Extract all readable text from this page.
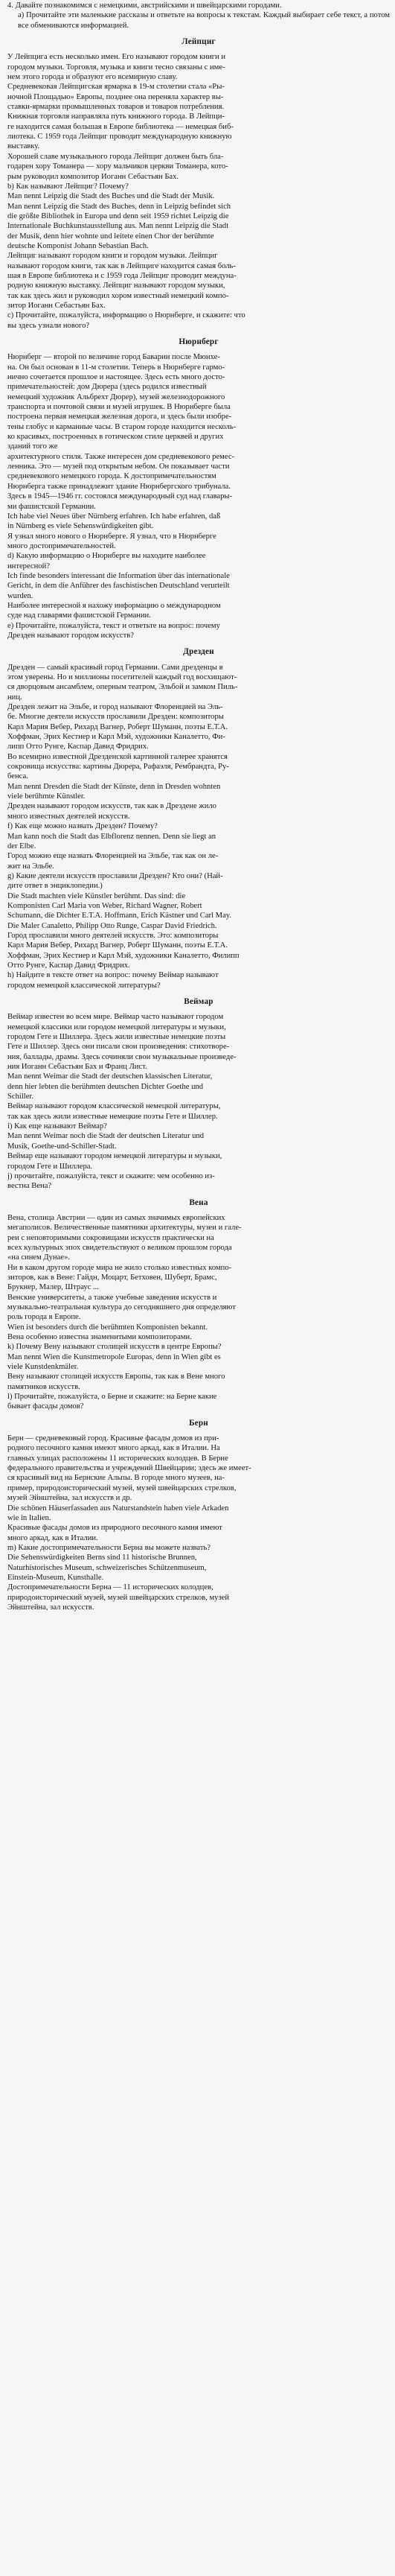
4. Давайте познакомимся с немецкими, австрийскими и швейцарскими городами.
а) Прочитайте эти маленькие рассказы и ответьте на вопросы к текстам. Каждый выбирает себе текст, а потом все обмениваются информацией.
Лейпциг
У Лейпцига есть несколько имен. Его называют городом книги и
городом музыки. Торговля, музыка и книги тесно связаны с име-
нем этого города и образуют его всемирную славу.
Средневековая Лейпцигская ярмарка в 19-м столетии стала «Ры-
ночной Площадью» Европы, позднее она переняла характер вы-
ставки-ярмарки промышленных товаров и товаров потребления.
Книжная торговля направляла путь книжного города. В Лейпци-
ге находится самая большая в Европе библиотека — немецкая биб-
лиотека. С 1959 года Лейпциг проводит международную книжную
выставку.
Хорошей славе музыкального города Лейпциг должен быть бла-
годарен хору Томанера — хору мальчиков церкви Томанера, кото-
рым руководил композитор Иоганн Себастьян Бах.
b) Как называют Лейпциг? Почему?
Man nennt Leipzig die Stadt des Buches und die Stadt der Musik.
Man nennt Leipzig die Stadt des Buches, denn in Leipzig befindet sich
die größte Bibliothek in Europa und denn seit 1959 richtet Leipzig die
Internationale Buchkunstausstellung aus. Man nennt Leipzig die Stadt
der Musik, denn hier wohnte und leitete einen Chor der berühmte
deutsche Komponist Johann Sebastian Bach.
Лейпциг называют городом книги и городом музыки. Лейпциг
называют городом книги, так как в Лейпциге находится самая боль-
шая в Европе библиотека и с 1959 года Лейпциг проводит междуна-
родную книжную выставку. Лейпциг называют городом музыки,
так как здесь жил и руководил хором известный немецкий компо-
зитор Иоганн Себастьян Бах.
с) Прочитайте, пожалуйста, информацию о Нюрнберге, и скажите: что
вы здесь узнали нового?
Нюрнберг
Нюрнберг — второй по величине город Баварии после Мюнхе-
на. Он был основан в 11-м столетии. Теперь в Нюрнберге гармо-
нично сочетается прошлое и настоящее. Здесь есть много досто-
примечательностей: дом Дюрера (здесь родился известный
немецкий художник Альбрехт Дюрер), музей железнодорожного
транспорта и почтовой связи и музей игрушек. В Нюрнберге была
построена первая немецкая железная дорога, и здесь были изобре-
тены глобус и карманные часы. В старом городе находится несколь-
ко красивых, построенных в готическом стиле церквей и других
зданий того же
архитектурного стиля. Также интересен дом средневекового ремес-
ленника. Это — музей под открытым небом. Он показывает части
средневекового немецкого города. К достопримечательностям
Нюрнберга также принадлежит здание Нюрнбергского трибунала.
Здесь в 1945—1946 гг. состоялся международный суд над главары-
ми фашистской Германии.
Ich habe viel Neues über Nürnberg erfahren. Ich habe erfahren, daß
in Nürnberg es viele Sehenswürdigkeiten gibt.
Я узнал много нового о Нюрнберге. Я узнал, что в Нюрнберге
много достопримечательностей.
d) Какую информацию о Нюрнберге вы находите наиболее
интересной?
Ich finde besonders interessant die Information über das internationale
Gericht, in dem die Anführer des faschistischen Deutschland verurteilt
wurden.
Наиболее интересной я нахожу информацию о международном
суде над главарями фашистской Германии.
е) Прочитайте, пожалуйста, текст и ответьте на вопрос: почему
Дрезден называют городом искусств?
Дрезден
Дрезден — самый красивый город Германии. Сами дрезденцы в
этом уверены. Но и миллионы посетителей каждый год восхищают-
ся дворцовым ансамблем, оперным театром, Эльбой и замком Пиль-
ниц.
Дрезден лежит на Эльбе, и город называют Флоренцией на Эль-
бе. Многие деятели искусств прославили Дрезден: композиторы
Карл Мария Вебер, Рихард Вагнер, Роберт Шуманн, поэты Е.Т.А.
Хоффман, Эрих Кестнер и Карл Мэй, художники Каналетто, Фи-
липп Отто Рунге, Каспар Давид Фридрих.
Во всемирно известной Дрезденской картинной галерее хранятся
сокровища искусства: картины Дюрера, Рафаэля, Рембрандта, Ру-
бенса.
Man nennt Dresden die Stadt der Künste, denn in Dresden wohnten
viele berühmte Künstler.
Дрезден называют городом искусств, так как в Дрездене жило
много известных деятелей искусств.
f) Как еще можно назвать Дрезден? Почему?
Man kann noch die Stadt das Elbflorenz nennen. Denn sie liegt an
der Elbe.
Город можно еще назвать Флоренцией на Эльбе, так как он ле-
жит на Эльбе.
g) Какие деятели искусств прославили Дрезден? Кто они? (Най-
дите ответ в энциклопедии.)
Die Stadt machten viele Künstler berühmt. Das sind: die
Komponisten Carl Maria von Weber, Richard Wagner, Robert
Schumann, die Dichter E.T.A. Hoffmann, Erich Kästner und Carl May.
Die Maler Canaletto, Philipp Otto Runge, Caspar David Friedrich.
Город прославили много деятелей искусств. Это: композиторы
Карл Мария Вебер, Рихард Вагнер, Роберт Шуманн, поэты Е.Т.А.
Хоффман, Эрих Кестнер и Карл Мэй, художники Каналетто, Филипп
Отто Рунге, Каспар Давид Фридрих.
h) Найдите в тексте ответ на вопрос: почему Веймар называют
городом немецкой классической литературы?
Веймар
Веймар известен во всем мире. Веймар часто называют городом
немецкой классики или городом немецкой литературы и музыки,
городом Гете и Шиллера. Здесь жили известные немецкие поэты
Гете и Шиллер. Здесь они писали свои произведения: стихотворе-
ния, баллады, драмы. Здесь сочиняли свои музыкальные произведе-
ния Иоганн Себастьян Бах и Франц Лист.
Man nennt Weimar die Stadt der deutschen klassischen Literatur,
denn hier lebten die berühmten deutschen Dichter Goethe und
Schiller.
Веймар называют городом классической немецкой литературы,
так как здесь жили известные немецкие поэты Гете и Шиллер.
i) Как еще называют Веймар?
Man nennt Weimar noch die Stadt der deutschen Literatur und
Musik, Goethe-und-Schiller-Stadt.
Веймар еще называют городом немецкой литературы и музыки,
городом Гете и Шиллера.
j) прочитайте, пожалуйста, текст и скажите: чем особенно из-
вестна Вена?
Вена
Вена, столица Австрии — один из самых значимых европейских
мегаполисов. Величественные памятники архитектуры, музеи и гале-
реи с неповторимыми сокровищами искусств практически на
всех культурных эпох свидетельствуют о великом прошлом города
«на синем Дунае».
Ни в каком другом городе мира не жило столько известных компо-
зиторов, как в Вене: Гайдн, Моцарт, Бетховен, Шуберт, Брамс,
Брукнер, Малер, Штраус ...
Венские университеты, а также учебные заведения искусств и
музыкально-театральная культура до сегодняшнего дня определяют
роль города в Европе.
Wien ist besonders durch die berühmten Komponisten bekannt.
Вена особенно известна знаменитыми композиторами.
k) Почему Вену называют столицей искусств в центре Европы?
Man nennt Wien die Kunstmetropole Europas, denn in Wien gibt es
viele Kunstdenkmäler.
Вену называют столицей искусств Европы, так как в Вене много
памятников искусств.
l) Прочитайте, пожалуйста, о Берне и скажите: на Берне какие
бывает фасады домов?
Берн
Берн — средневековый город. Красивые фасады домов из при-
родного песочного камня имеют много аркад, как в Италии. На
главных улицах расположены 11 исторических колодцев. В Берне
федерального правительства и учреждений Швейцарии; здесь же имеет-
ся красивый вид на Бернские Альпы. В городе много музеев, на-
пример, природоисторический музей, музей швейцарских стрелков,
музей Эйнштейна, зал искусств и др.
Die schönen Häuserfassaden aus Naturstandstein haben viele Arkaden
wie in Italien.
Красивые фасады домов из природного песочного камня имеют
много аркад, как в Италии.
m) Какие достопримечательности Берна вы можете назвать?
Die Sehenswürdigkeiten Berns sind 11 historische Brunnen,
Naturhistorisches Museum, schweizerisches Schützenmuseum,
Einstein-Museum, Kunsthalle.
Достопримечательности Берна — 11 исторических колодцев,
природоисторический музей, музей швейцарских стрелков, музей
Эйнштейна, зал искусств.
